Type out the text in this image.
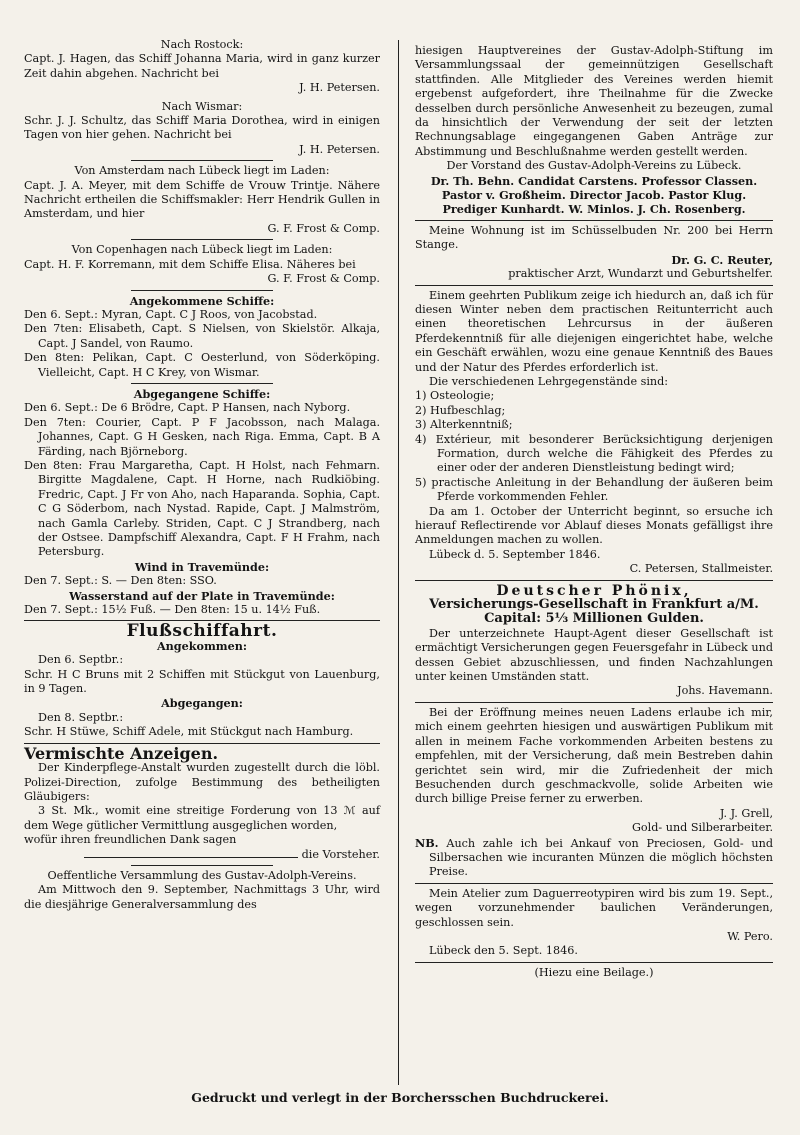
Nach Rostock:

Capt. J. Hagen, das Schiff Johanna Maria, wird in ganz kurzer Zeit dahin abgehen. Nachricht bei

J. H. Petersen.

Nach Wismar:

Schr. J. J. Schultz, das Schiff Maria Dorothea, wird in einigen Tagen von hier gehen. Nachricht bei

J. H. Petersen.

Von Amsterdam nach Lübeck liegt im Laden:

Capt. J. A. Meyer, mit dem Schiffe de Vrouw Trintje. Nähere Nachricht ertheilen die Schiffsmakler: Herr Hendrik Gullen in Amsterdam, und hier

G. F. Frost & Comp.

Von Copenhagen nach Lübeck liegt im Laden:

Capt. H. F. Korremann, mit dem Schiffe Elisa. Näheres bei

G. F. Frost & Comp.

Angekommene Schiffe:

Den 6. Sept.: Myran, Capt. C J Roos, von Jacobstad.

Den 7ten: Elisabeth, Capt. S Nielsen, von Skielstör. Alkaja, Capt. J Sandel, von Raumo.

Den 8ten: Pelikan, Capt. C Oesterlund, von Söderköping. Vielleicht, Capt. H C Krey, von Wismar.

Abgegangene Schiffe:

Den 6. Sept.: De 6 Brödre, Capt. P Hansen, nach Nyborg.

Den 7ten: Courier, Capt. P F Jacobsson, nach Malaga. Johannes, Capt. G H Gesken, nach Riga. Emma, Capt. B A Färding, nach Björneborg.

Den 8ten: Frau Margaretha, Capt. H Holst, nach Fehmarn. Birgitte Magdalene, Capt. H Horne, nach Rudkiöbing. Fredric, Capt. J Fr von Aho, nach Haparanda. Sophia, Capt. C G Söderbom, nach Nystad. Rapide, Capt. J Malmström, nach Gamla Carleby. Striden, Capt. C J Strandberg, nach der Ostsee. Dampfschiff Alexandra, Capt. F H Frahm, nach Petersburg.

Wind in Travemünde:

Den 7. Sept.: S. — Den 8ten: SSO.

Wasserstand auf der Plate in Travemünde:

Den 7. Sept.: 15½ Fuß. — Den 8ten: 15 u. 14½ Fuß.

Flußschiffahrt.

Angekommen:

Den 6. Septbr.:

Schr. H C Bruns mit 2 Schiffen mit Stückgut von Lauenburg, in 9 Tagen.

Abgegangen:

Den 8. Septbr.:

Schr. H Stüwe, Schiff Adele, mit Stückgut nach Hamburg.

Vermischte Anzeigen.

Der Kinderpflege-Anstalt wurden zugestellt durch die löbl. Polizei-Direction, zufolge Bestimmung des betheiligten Gläubigers:

3 St. Mk., womit eine streitige Forderung von 13 ℳ auf dem Wege gütlicher Vermittlung ausgeglichen worden,

wofür ihren freundlichen Dank sagen

die Vorsteher.

Oeffentliche Versammlung des Gustav-Adolph-Vereins.

Am Mittwoch den 9. September, Nachmittags 3 Uhr, wird die diesjährige Generalversammlung des

hiesigen Hauptvereines der Gustav-Adolph-Stiftung im Versammlungssaal der gemeinnützigen Gesellschaft stattfinden. Alle Mitglieder des Vereines werden hiemit ergebenst aufgefordert, ihre Theilnahme für die Zwecke desselben durch persönliche Anwesenheit zu bezeugen, zumal da hinsichtlich der Verwendung der seit der letzten Rechnungsablage eingegangenen Gaben Anträge zur Abstimmung und Beschlußnahme werden gestellt werden.

Der Vorstand des Gustav-Adolph-Vereins zu Lübeck.

Dr. Th. Behn. Candidat Carstens. Professor Classen.

Pastor v. Großheim. Director Jacob. Pastor Klug.

Prediger Kunhardt. W. Minlos. J. Ch. Rosenberg.

Meine Wohnung ist im Schüsselbuden Nr. 200 bei Herrn Stange.

Dr. G. C. Reuter,

praktischer Arzt, Wundarzt und Geburtshelfer.

Einem geehrten Publikum zeige ich hiedurch an, daß ich für diesen Winter neben dem practischen Reitunterricht auch einen theoretischen Lehrcursus in der äußeren Pferdekenntniß für alle diejenigen eingerichtet habe, welche ein Geschäft erwählen, wozu eine genaue Kenntniß des Baues und der Natur des Pferdes erforderlich ist.

Die verschiedenen Lehrgegenstände sind:

1) Osteologie;

2) Hufbeschlag;

3) Alterkenntniß;

4) Extérieur, mit besonderer Berücksichtigung derjenigen Formation, durch welche die Fähigkeit des Pferdes zu einer oder der anderen Dienstleistung bedingt wird;

5) practische Anleitung in der Behandlung der äußeren beim Pferde vorkommenden Fehler.

Da am 1. October der Unterricht beginnt, so ersuche ich hierauf Reflectirende vor Ablauf dieses Monats gefälligst ihre Anmeldungen machen zu wollen.

Lübeck d. 5. September 1846.

C. Petersen, Stallmeister.

Deutscher Phönix,

Versicherungs-Gesellschaft in Frankfurt a/M.

Capital: 5⅓ Millionen Gulden.

Der unterzeichnete Haupt-Agent dieser Gesellschaft ist ermächtigt Versicherungen gegen Feuersgefahr in Lübeck und dessen Gebiet abzuschliessen, und finden Nachzahlungen unter keinen Umständen statt.

Johs. Havemann.

Bei der Eröffnung meines neuen Ladens erlaube ich mir, mich einem geehrten hiesigen und auswärtigen Publikum mit allen in meinem Fache vorkommenden Arbeiten bestens zu empfehlen, mit der Versicherung, daß mein Bestreben dahin gerichtet sein wird, mir die Zufriedenheit der mich Besuchenden durch geschmackvolle, solide Arbeiten wie durch billige Preise ferner zu erwerben.

J. J. Grell,

Gold- und Silberarbeiter.

NB. Auch zahle ich bei Ankauf von Preciosen, Gold- und Silbersachen wie incuranten Münzen die möglich höchsten Preise.

Mein Atelier zum Daguerreotypiren wird bis zum 19. Sept., wegen vorzunehmender baulichen Veränderungen, geschlossen sein.

W. Pero.

Lübeck den 5. Sept. 1846.

(Hiezu eine Beilage.)

Gedruckt und verlegt in der Borchersschen Buchdruckerei.
